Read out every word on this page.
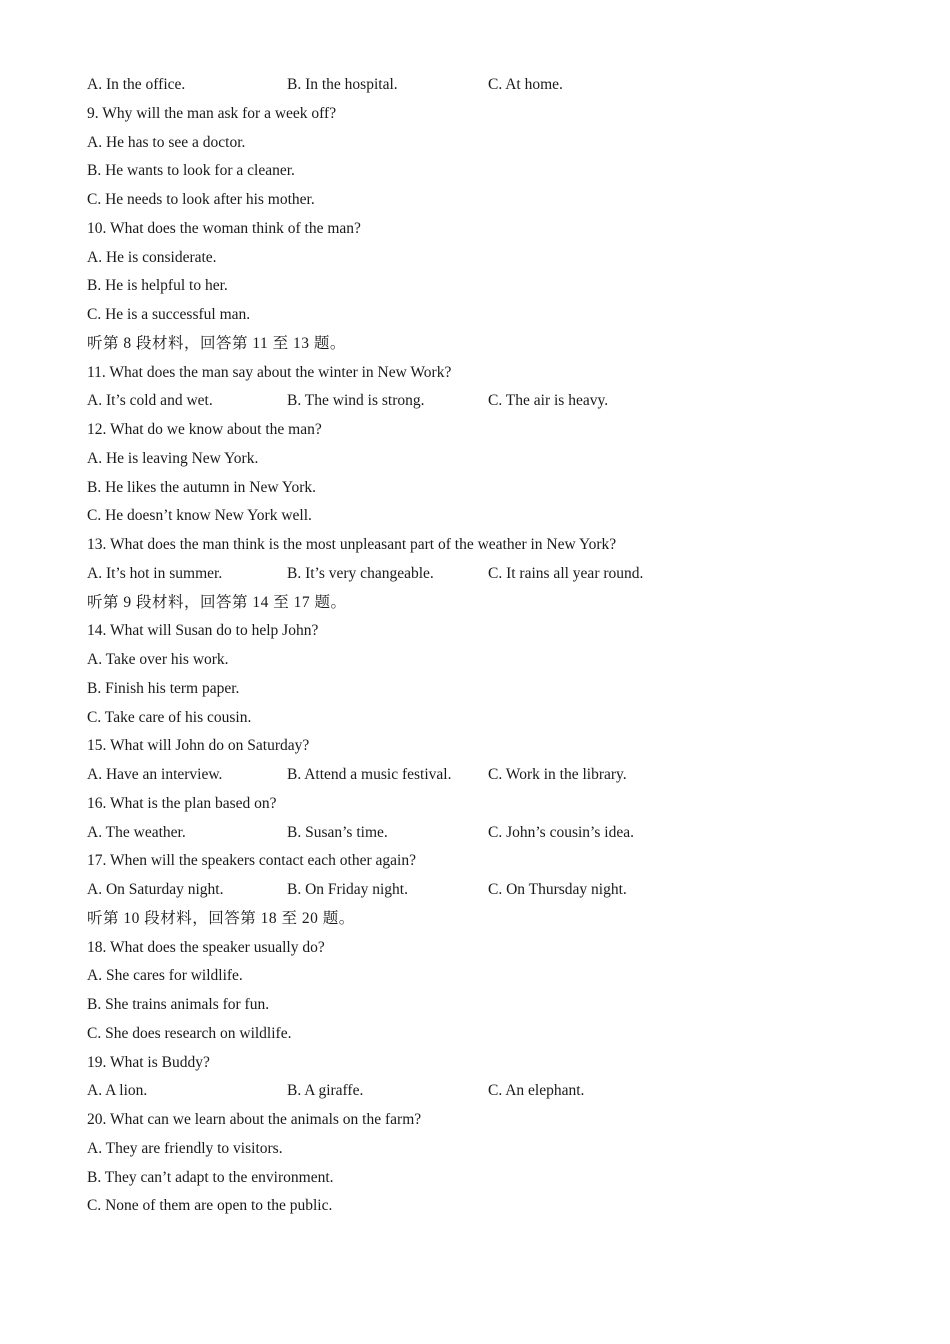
A. In the office.	B. In the hospital.	C. At home.
9. Why will the man ask for a week off?
A. He has to see a doctor.
B. He wants to look for a cleaner.
C. He needs to look after his mother.
10. What does the woman think of the man?
A. He is considerate.
B. He is helpful to her.
C. He is a successful man.
听第 8 段材料，回答第 11 至 13 题。
11. What does the man say about the winter in New Work?
A. It’s cold and wet.	B. The wind is strong.	C. The air is heavy.
12. What do we know about the man?
A. He is leaving New York.
B. He likes the autumn in New York.
C. He doesn’t know New York well.
13. What does the man think is the most unpleasant part of the weather in New York?
A. It’s hot in summer.	B. It’s very changeable.	C. It rains all year round.
听第 9 段材料，回答第 14 至 17 题。
14. What will Susan do to help John?
A. Take over his work.
B. Finish his term paper.
C. Take care of his cousin.
15. What will John do on Saturday?
A. Have an interview.	B. Attend a music festival. C. Work in the library.
16. What is the plan based on?
A. The weather.	B. Susan’s time.	C. John’s cousin’s idea.
17. When will the speakers contact each other again?
A. On Saturday night.	B. On Friday night.	C. On Thursday night.
听第 10 段材料，回答第 18 至 20 题。
18. What does the speaker usually do?
A. She cares for wildlife.
B. She trains animals for fun.
C. She does research on wildlife.
19. What is Buddy?
A. A lion.	B. A giraffe.	C. An elephant.
20. What can we learn about the animals on the farm?
A. They are friendly to visitors.
B. They can’t adapt to the environment.
C. None of them are open to the public.
